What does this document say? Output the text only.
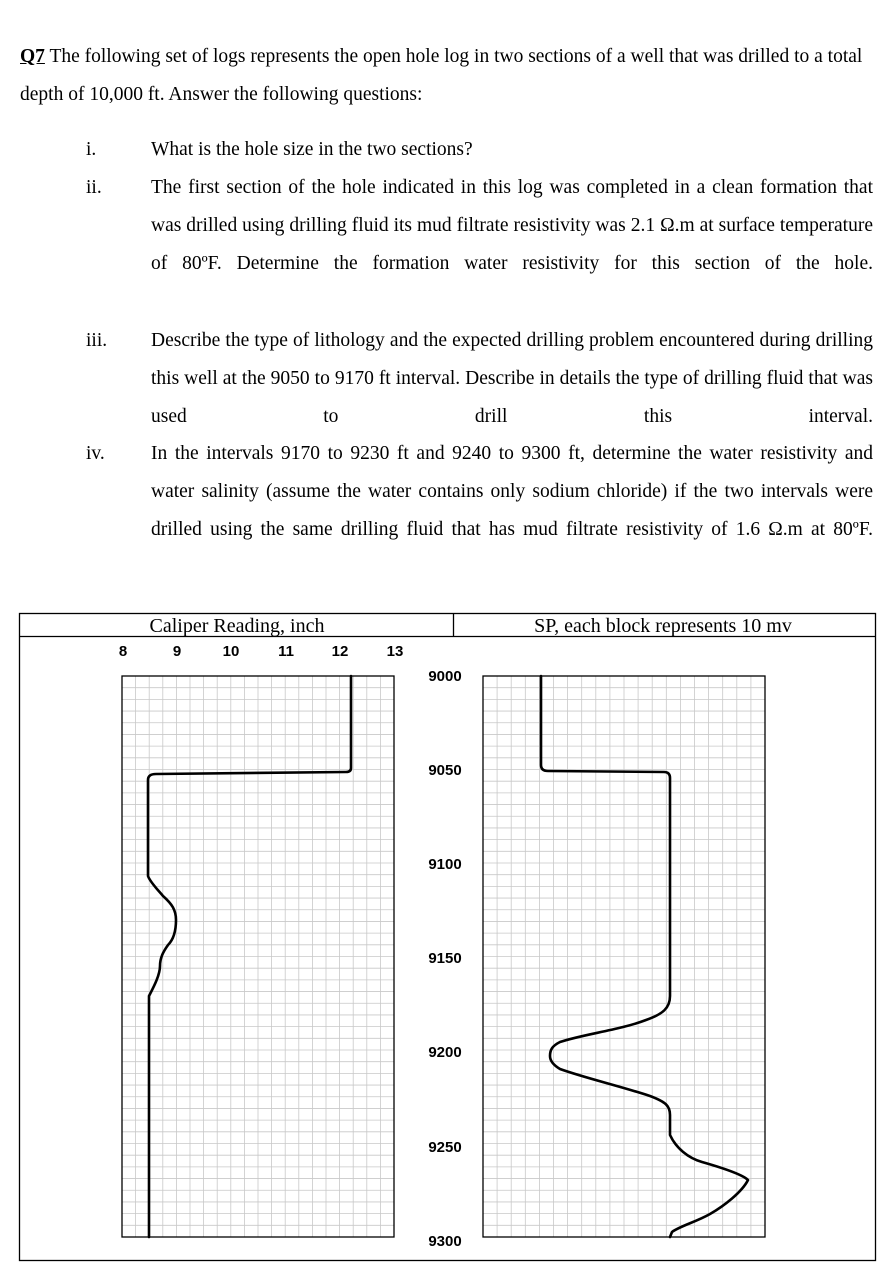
Q7 The following set of logs represents the open hole log in two sections of a well that was drilled to a total depth of 10,000 ft. Answer the following questions:
i.	What is the hole size in the two sections?
ii.	The first section of the hole indicated in this log was completed in a clean formation that was drilled using drilling fluid its mud filtrate resistivity was 2.1 Ω.m at surface temperature of 80ºF. Determine the formation water resistivity for this section of the hole.
iii. Describe the type of lithology and the expected drilling problem encountered during drilling this well at the 9050 to 9170 ft interval. Describe in details the type of drilling fluid that was used to drill this interval.
iv. In the intervals 9170 to 9230 ft and 9240 to 9300 ft, determine the water resistivity and water salinity (assume the water contains only sodium chloride) if the two intervals were drilled using the same drilling fluid that has mud filtrate resistivity of 1.6 Ω.m at 80ºF.
Caliper Reading, inch	SP, each block represents 10 mv
8	9	10	11	12	13
9000
9050
9100
9150
9200
9250
9300
